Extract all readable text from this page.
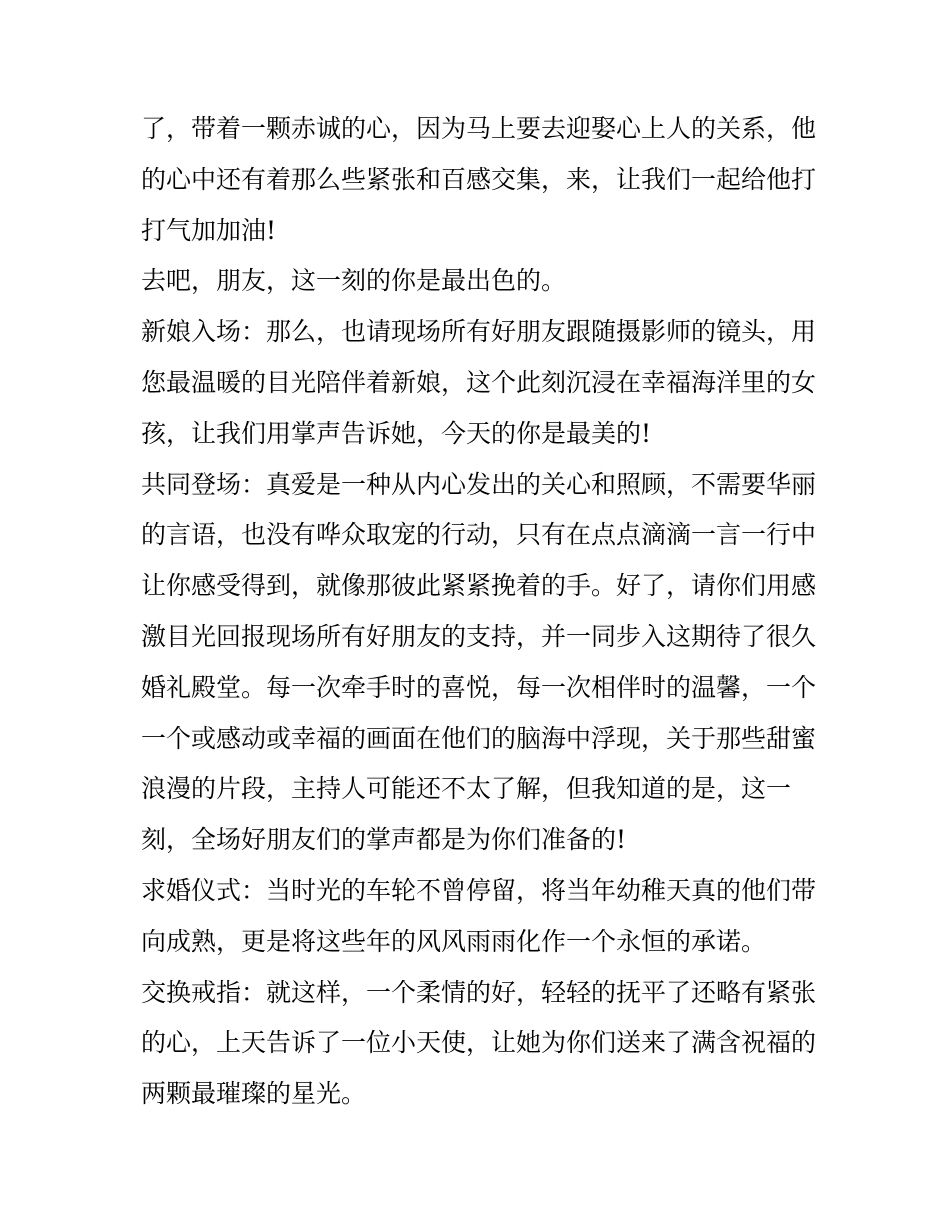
了，带着一颗赤诚的心，因为马上要去迎娶心上人的关系，他
的心中还有着那么些紧张和百感交集，来，让我们一起给他打
打气加加油!
去吧，朋友，这一刻的你是最出色的。
新娘入场：那么，也请现场所有好朋友跟随摄影师的镜头，用
您最温暖的目光陪伴着新娘，这个此刻沉浸在幸福海洋里的女
孩，让我们用掌声告诉她，今天的你是最美的!
共同登场：真爱是一种从内心发出的关心和照顾，不需要华丽
的言语，也没有哗众取宠的行动，只有在点点滴滴一言一行中
让你感受得到，就像那彼此紧紧挽着的手。好了，请你们用感
激目光回报现场所有好朋友的支持，并一同步入这期待了很久
婚礼殿堂。每一次牵手时的喜悦，每一次相伴时的温馨，一个
一个或感动或幸福的画面在他们的脑海中浮现，关于那些甜蜜
浪漫的片段，主持人可能还不太了解，但我知道的是，这一
刻，全场好朋友们的掌声都是为你们准备的!
求婚仪式：当时光的车轮不曾停留，将当年幼稚天真的他们带
向成熟，更是将这些年的风风雨雨化作一个永恒的承诺。
交换戒指：就这样，一个柔情的好，轻轻的抚平了还略有紧张
的心，上天告诉了一位小天使，让她为你们送来了满含祝福的
两颗最璀璨的星光。
